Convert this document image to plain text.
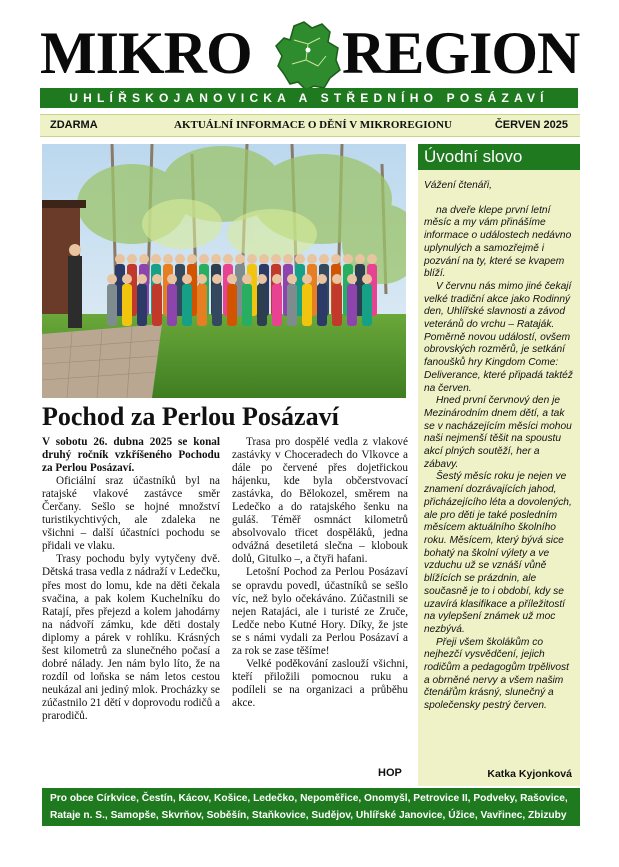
MIKRO REGION
UHLÍŘSKOJANOVICKA A STŘEDNÍHO POSÁZAVÍ
ZDARMA	AKTUÁLNÍ INFORMACE O DĚNÍ V MIKROREGIONU	ČERVEN 2025
Pochod za Perlou Posázaví

V sobotu 26. dubna 2025 se konal druhý ročník vzkříšeného Pochodu za Perlou Posázaví.

Oficiální sraz účastníků byl na ratajské vlakové zastávce směr Čerčany. Sešlo se hojné množství turistikychtivých, ale zdaleka ne všichni – další účastníci pochodu se přidali ve vlaku.

Trasy pochodu byly vytyčeny dvě. Dětská trasa vedla z nádraží v Ledečku, přes most do lomu, kde na děti čekala svačina, a pak kolem Kuchelníku do Ratají, přes přejezd a kolem jahodárny na nádvoří zámku, kde děti dostaly diplomy a párek v rohlíku. Krásných šest kilometrů za slunečného počasí a dobré nálady. Jen nám bylo líto, že na rozdíl od loňska se nám letos cestou neukázal ani jediný mlok. Procházky se zúčastnilo 21 dětí v doprovodu rodičů a prarodičů.

Trasa pro dospělé vedla z vlakové zastávky v Choceradech do Vlkovce a dále po červené přes dojetřickou hájenku, kde byla občerstvovací zastávka, do Bělokozel, směrem na Ledečko a do ratajského šenku na guláš. Téměř osmnáct kilometrů absolvovalo třicet dospěláků, jedna odvážná desetiletá slečna – klobouk dolů, Gitulko –, a čtyři hafani.

Letošní Pochod za Perlou Posázaví se opravdu povedl, účastníků se sešlo víc, než bylo očekáváno. Zúčastnili se nejen Ratajáci, ale i turisté ze Zruče, Ledče nebo Kutné Hory. Díky, že jste se s námi vydali za Perlou Posázaví a za rok se zase těšíme!

Velké poděkování zaslouží všichni, kteří přiložili pomocnou ruku a podíleli se na organizaci a průběhu akce.

HOP
Úvodní slovo

Vážení čtenáři,

na dveře klepe první letní měsíc a my vám přinášíme informace o událostech nedávno uplynulých a samozřejmě i pozvání na ty, které se kvapem blíží.

V červnu nás mimo jiné čekají velké tradiční akce jako Rodinný den, Uhlířské slavnosti a závod veteránů do vrchu – Rataják. Poměrně novou událostí, ovšem obrovských rozměrů, je setkání fanoušků hry Kingdom Come: Deliverance, které připadá taktéž na červen.

Hned první červnový den je Mezinárodním dnem dětí, a tak se v nacházejícím měsíci mohou naši nejmenší těšit na spoustu akcí plných soutěží, her a zábavy.

Šestý měsíc roku je nejen ve znamení dozrávajících jahod, přicházejícího léta a dovolených, ale pro děti je také posledním měsícem aktuálního školního roku. Měsícem, který bývá sice bohatý na školní výlety a ve vzduchu už se vznáší vůně blížících se prázdnin, ale současně je to i období, kdy se uzavírá klasifikace a příležitostí na vylepšení známek už moc nezbývá.

Přeji všem školákům co nejhezčí vysvědčení, jejich rodičům a pedagogům trpělivost a obrněné nervy a všem našim čtenářům krásný, slunečný a společensky pestrý červen.

Katka Kyjonková
Pro obce Církvice, Čestín, Kácov, Košice, Ledečko, Nepoměřice, Onomyšl, Petrovice II, Podveky, Rašovice, Rataje n. S., Samopše, Skvrňov, Soběšín, Staňkovice, Sudějov, Uhlířské Janovice, Úžice, Vavřinec, Zbizuby
